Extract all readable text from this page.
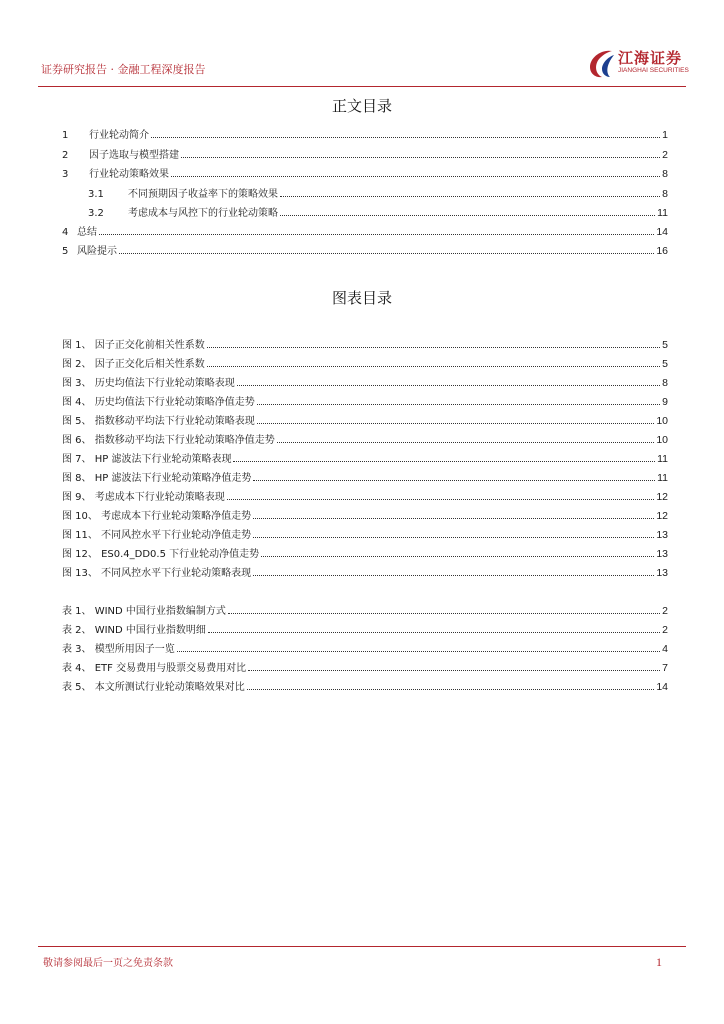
证券研究报告 · 金融工程深度报告
江海证券
JIANGHAI SECURITIES
正文目录
1	行业轮动简介	1
2	因子选取与模型搭建	2
3	行业轮动策略效果	8
3.1	不同预期因子收益率下的策略效果	8
3.2	考虑成本与风控下的行业轮动策略	11
4 总结	14
5 风险提示	16
图表目录
图 1、 因子正交化前相关性系数	5
图 2、 因子正交化后相关性系数	5
图 3、 历史均值法下行业轮动策略表现	8
图 4、 历史均值法下行业轮动策略净值走势	9
图 5、 指数移动平均法下行业轮动策略表现	10
图 6、 指数移动平均法下行业轮动策略净值走势	10
图 7、 HP 滤波法下行业轮动策略表现	11
图 8、 HP 滤波法下行业轮动策略净值走势	11
图 9、 考虑成本下行业轮动策略表现	12
图 10、 考虑成本下行业轮动策略净值走势	12
图 11、 不同风控水平下行业轮动净值走势	13
图 12、 ES0.4_DD0.5 下行业轮动净值走势	13
图 13、 不同风控水平下行业轮动策略表现	13
表 1、 WIND 中国行业指数编制方式	2
表 2、 WIND 中国行业指数明细	2
表 3、 模型所用因子一览	4
表 4、 ETF 交易费用与股票交易费用对比	7
表 5、 本文所测试行业轮动策略效果对比	14
敬请参阅最后一页之免责条款	1
